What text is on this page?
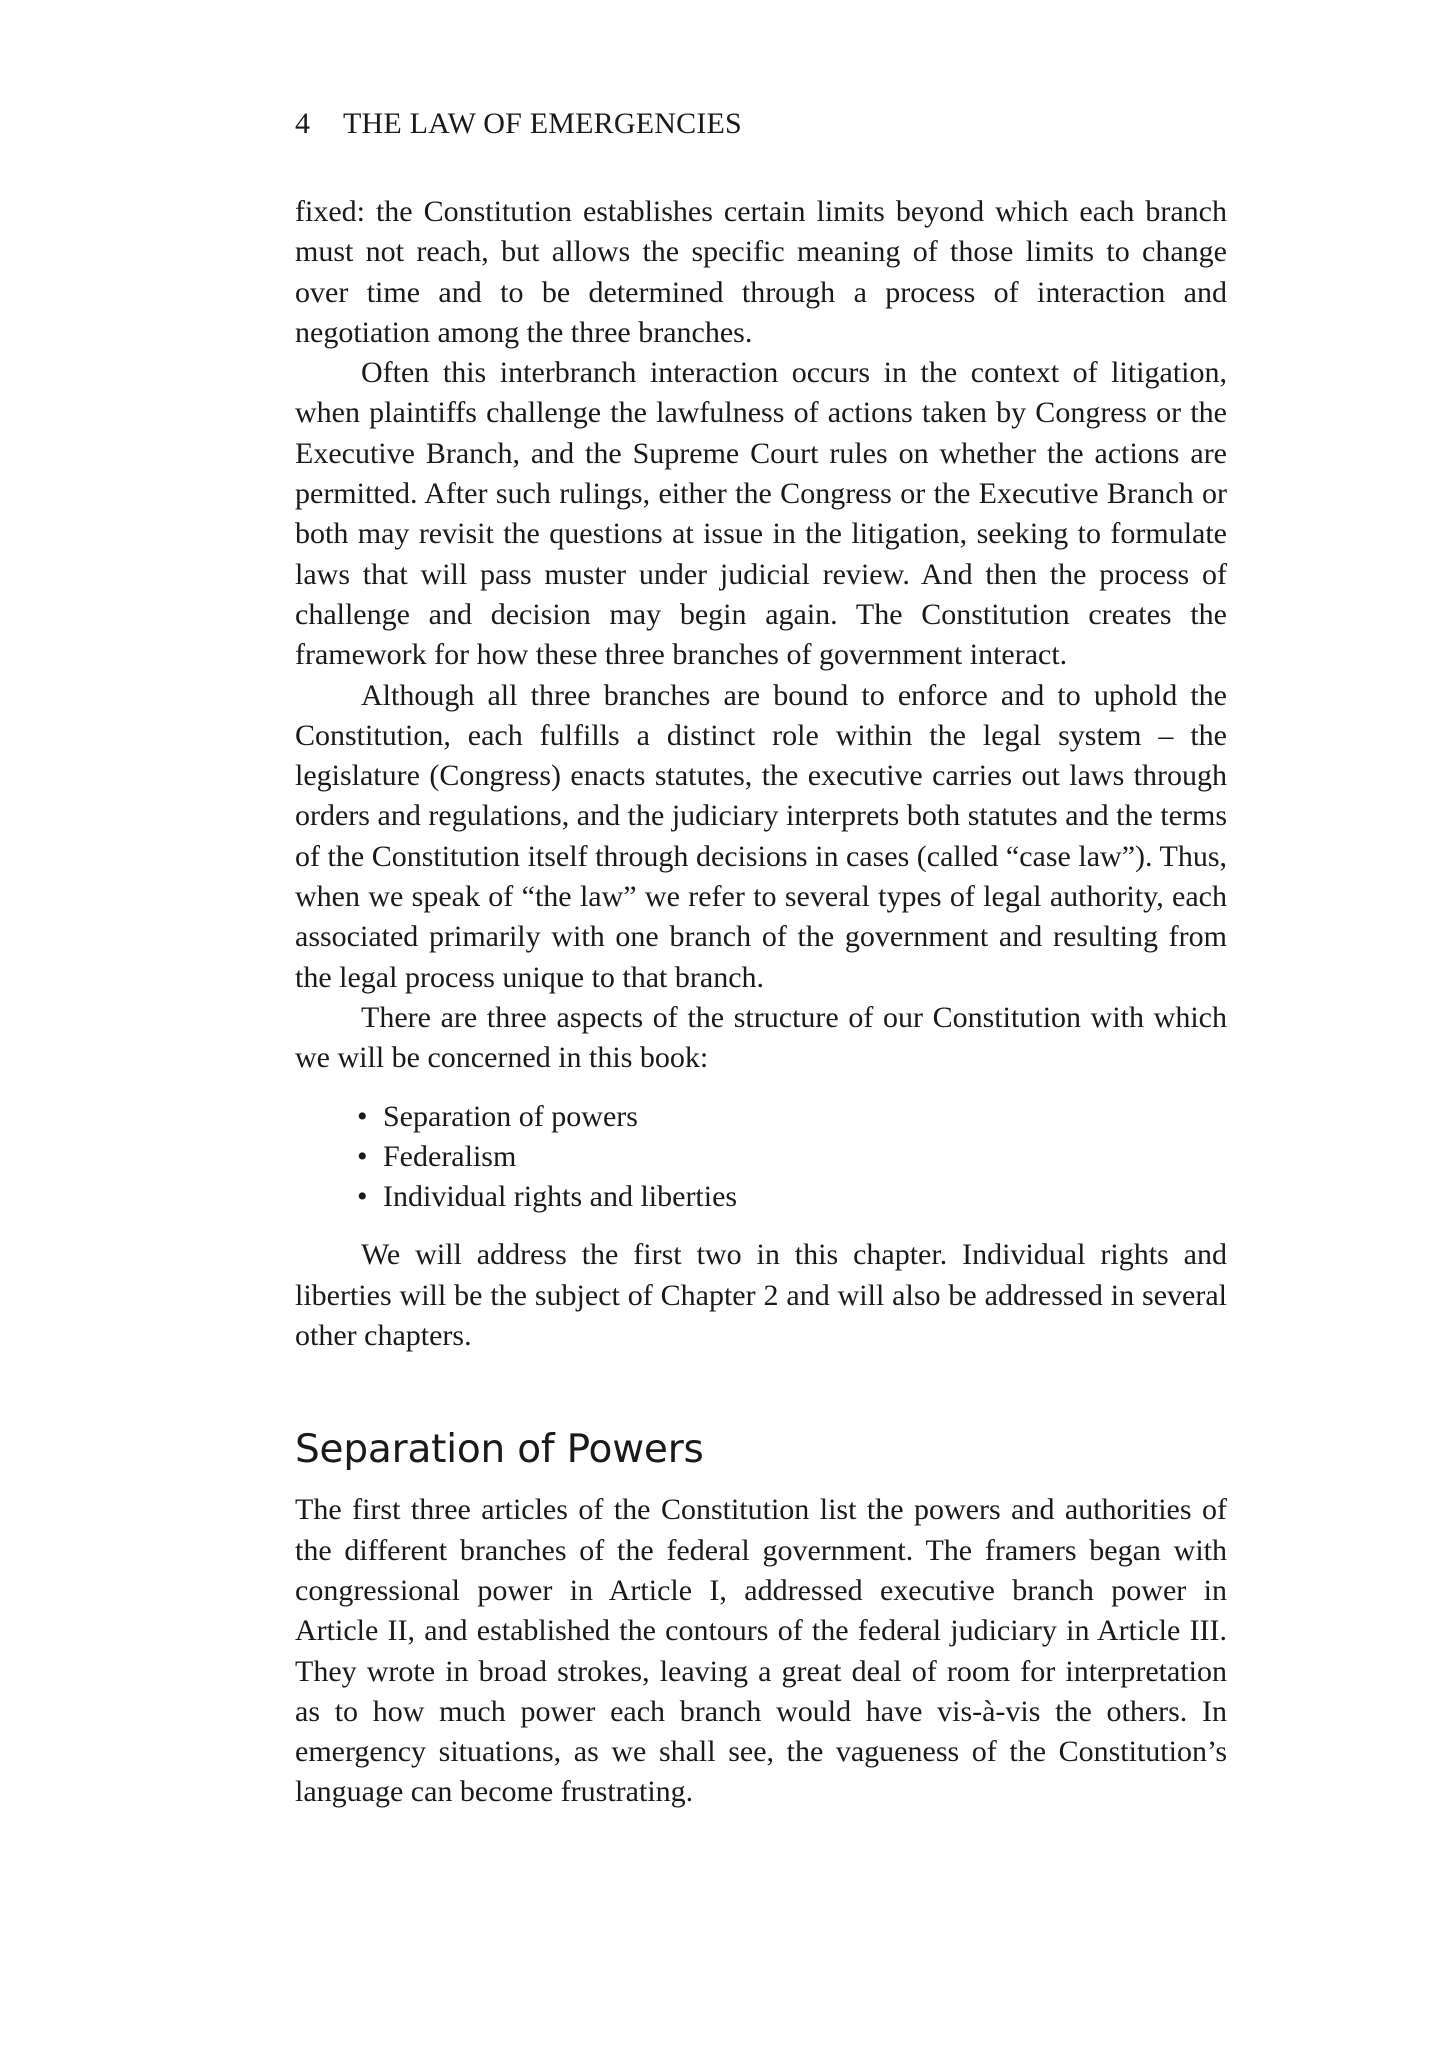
4 THE LAW OF EMERGENCIES

fixed: the Constitution establishes certain limits beyond which each branch must not reach, but allows the specific meaning of those limits to change over time and to be determined through a process of interaction and negotiation among the three branches.

Often this interbranch interaction occurs in the context of litigation, when plaintiffs challenge the lawfulness of actions taken by Congress or the Executive Branch, and the Supreme Court rules on whether the actions are permitted. After such rulings, either the Congress or the Executive Branch or both may revisit the questions at issue in the litigation, seeking to formulate laws that will pass muster under judicial review. And then the process of challenge and decision may begin again. The Constitution creates the framework for how these three branches of government interact.

Although all three branches are bound to enforce and to uphold the Constitution, each fulfills a distinct role within the legal system – the legislature (Congress) enacts statutes, the executive carries out laws through orders and regulations, and the judiciary interprets both statutes and the terms of the Constitution itself through decisions in cases (called “case law”). Thus, when we speak of “the law” we refer to several types of legal authority, each associated primarily with one branch of the government and resulting from the legal process unique to that branch.

There are three aspects of the structure of our Constitution with which we will be concerned in this book:

• Separation of powers
• Federalism
• Individual rights and liberties

We will address the first two in this chapter. Individual rights and liberties will be the subject of Chapter 2 and will also be addressed in several other chapters.

Separation of Powers

The first three articles of the Constitution list the powers and authorities of the different branches of the federal government. The framers began with congressional power in Article I, addressed executive branch power in Article II, and established the contours of the federal judiciary in Article III. They wrote in broad strokes, leaving a great deal of room for interpretation as to how much power each branch would have vis-à-vis the others. In emergency situations, as we shall see, the vagueness of the Constitution’s language can become frustrating.
